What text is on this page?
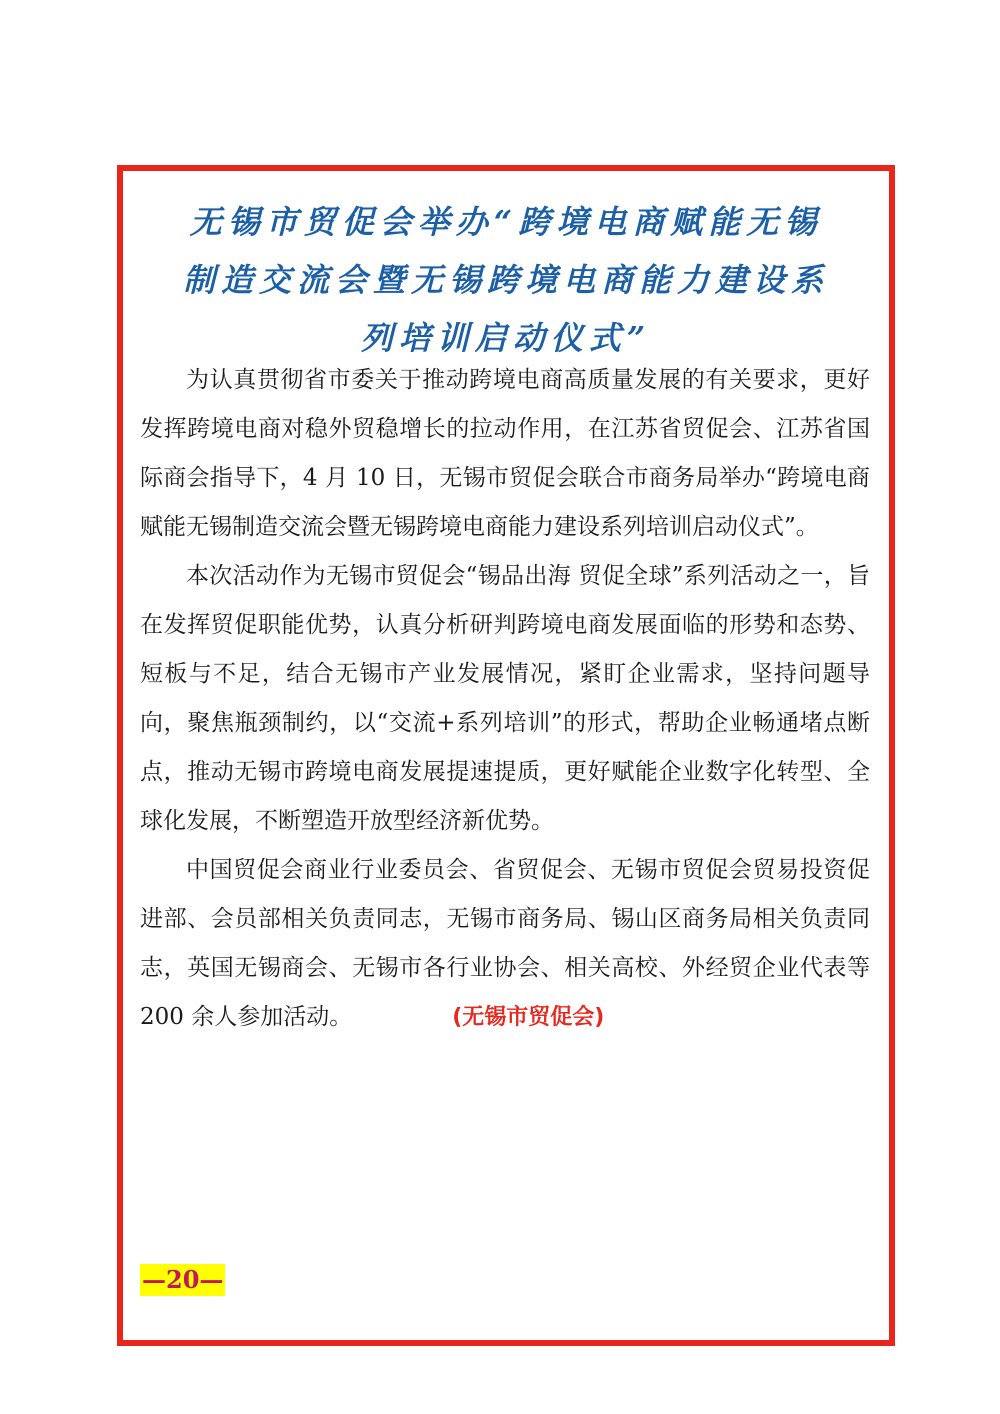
无锡市贸促会举办“跨境电商赋能无锡
制造交流会暨无锡跨境电商能力建设系
列培训启动仪式”

为认真贯彻省市委关于推动跨境电商高质量发展的有关要求，更好发挥跨境电商对稳外贸稳增长的拉动作用，在江苏省贸促会、江苏省国际商会指导下，4 月 10 日，无锡市贸促会联合市商务局举办“跨境电商赋能无锡制造交流会暨无锡跨境电商能力建设系列培训启动仪式”。

本次活动作为无锡市贸促会“锡品出海 贸促全球”系列活动之一，旨在发挥贸促职能优势，认真分析研判跨境电商发展面临的形势和态势、短板与不足，结合无锡市产业发展情况，紧盯企业需求，坚持问题导向，聚焦瓶颈制约，以“交流+系列培训”的形式，帮助企业畅通堵点断点，推动无锡市跨境电商发展提速提质，更好赋能企业数字化转型、全球化发展，不断塑造开放型经济新优势。

中国贸促会商业行业委员会、省贸促会、无锡市贸促会贸易投资促进部、会员部相关负责同志，无锡市商务局、锡山区商务局相关负责同志，英国无锡商会、无锡市各行业协会、相关高校、外经贸企业代表等 200 余人参加活动。	(无锡市贸促会)

—20—
